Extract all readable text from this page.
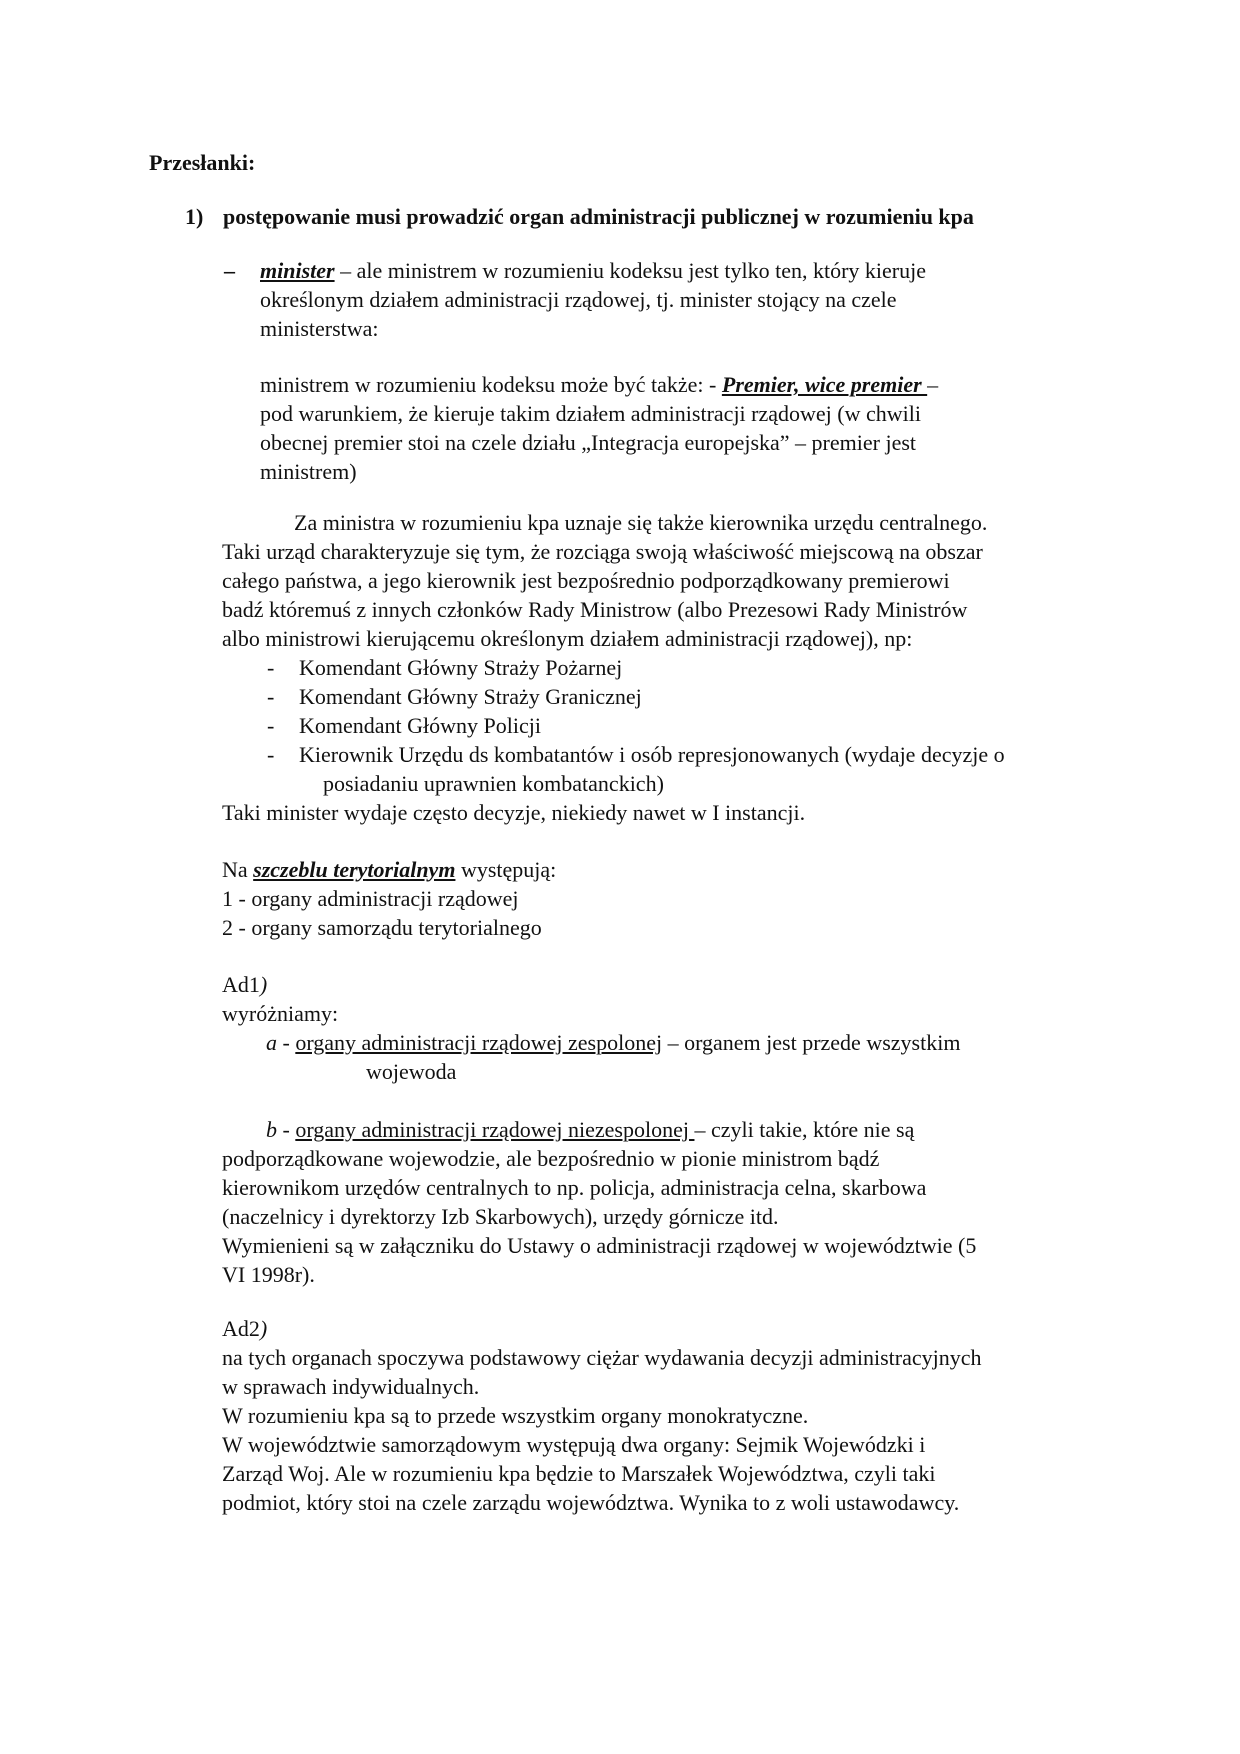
Przesłanki:
1) postępowanie musi prowadzić organ administracji publicznej w rozumieniu kpa
– minister – ale ministrem w rozumieniu kodeksu jest tylko ten, który kieruje

określonym działem administracji rządowej, tj. minister stojący na czele

ministerstwa:

ministrem w rozumieniu kodeksu może być także: - Premier, wice premier –

pod warunkiem, że kieruje takim działem administracji rządowej (w chwili

obecnej premier stoi na czele działu „Integracja europejska” – premier jest

ministrem)

Za ministra w rozumieniu kpa uznaje się także kierownika urzędu centralnego.

Taki urząd charakteryzuje się tym, że rozciąga swoją właściwość miejscową na obszar

całego państwa, a jego kierownik jest bezpośrednio podporządkowany premierowi

badź któremuś z innych członków Rady Ministrow (albo Prezesowi Rady Ministrów

albo ministrowi kierującemu określonym działem administracji rządowej), np:

- Komendant Główny Straży Pożarnej
- Komendant Główny Straży Granicznej
- Komendant Główny Policji
- Kierownik Urzędu ds kombatantów i osób represjonowanych (wydaje decyzje o
posiadaniu uprawnien kombatanckich)

Taki minister wydaje często decyzje, niekiedy nawet w I instancji.

Na szczeblu terytorialnym występują:

1 - organy administracji rządowej

2 - organy samorządu terytorialnego

Ad1)

wyróżniamy:

a - organy administracji rządowej zespolonej – organem jest przede wszystkim

wojewoda

b - organy administracji rządowej niezespolonej – czyli takie, które nie są

podporządkowane wojewodzie, ale bezpośrednio w pionie ministrom bądź

kierownikom urzędów centralnych to np. policja, administracja celna, skarbowa

(naczelnicy i dyrektorzy Izb Skarbowych), urzędy górnicze itd.

Wymienieni są w załączniku do Ustawy o administracji rządowej w województwie (5

VI 1998r).

Ad2)

na tych organach spoczywa podstawowy ciężar wydawania decyzji administracyjnych

w sprawach indywidualnych.

W rozumieniu kpa są to przede wszystkim organy monokratyczne.

W województwie samorządowym występują dwa organy: Sejmik Wojewódzki i

Zarząd Woj. Ale w rozumieniu kpa będzie to Marszałek Województwa, czyli taki

podmiot, który stoi na czele zarządu województwa. Wynika to z woli ustawodawcy.
